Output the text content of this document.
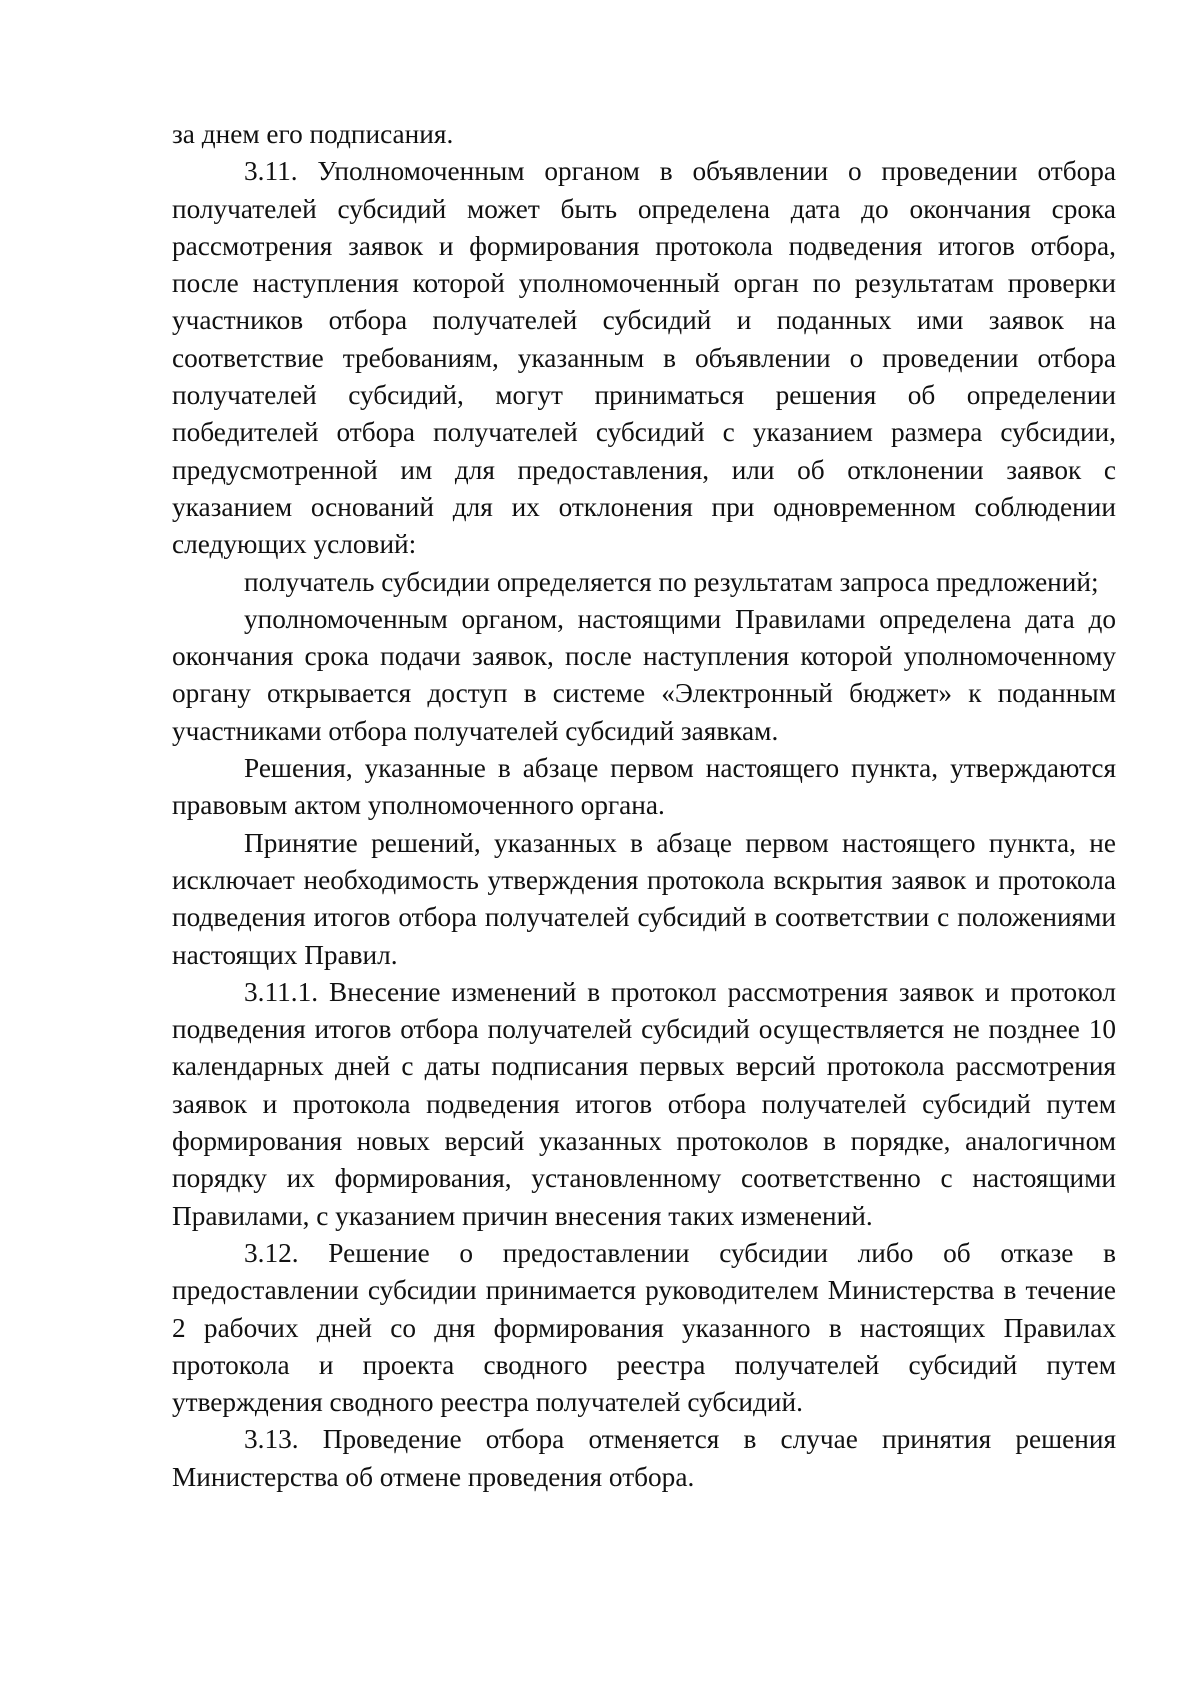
за днем его подписания.

3.11. Уполномоченным органом в объявлении о проведении отбора получателей субсидий может быть определена дата до окончания срока рассмотрения заявок и формирования протокола подведения итогов отбора, после наступления которой уполномоченный орган по результатам проверки участников отбора получателей субсидий и поданных ими заявок на соответствие требованиям, указанным в объявлении о проведении отбора получателей субсидий, могут приниматься решения об определении победителей отбора получателей субсидий с указанием размера субсидии, предусмотренной им для предоставления, или об отклонении заявок с указанием оснований для их отклонения при одновременном соблюдении следующих условий:

получатель субсидии определяется по результатам запроса предложений;

уполномоченным органом, настоящими Правилами определена дата до окончания срока подачи заявок, после наступления которой уполномоченному органу открывается доступ в системе «Электронный бюджет» к поданным участниками отбора получателей субсидий заявкам.

Решения, указанные в абзаце первом настоящего пункта, утверждаются правовым актом уполномоченного органа.

Принятие решений, указанных в абзаце первом настоящего пункта, не исключает необходимость утверждения протокола вскрытия заявок и протокола подведения итогов отбора получателей субсидий в соответствии с положениями настоящих Правил.

3.11.1. Внесение изменений в протокол рассмотрения заявок и протокол подведения итогов отбора получателей субсидий осуществляется не позднее 10 календарных дней с даты подписания первых версий протокола рассмотрения заявок и протокола подведения итогов отбора получателей субсидий путем формирования новых версий указанных протоколов в порядке, аналогичном порядку их формирования, установленному соответственно с настоящими Правилами, с указанием причин внесения таких изменений.

3.12. Решение о предоставлении субсидии либо об отказе в предоставлении субсидии принимается руководителем Министерства в течение 2 рабочих дней со дня формирования указанного в настоящих Правилах протокола и проекта сводного реестра получателей субсидий путем утверждения сводного реестра получателей субсидий.

3.13. Проведение отбора отменяется в случае принятия решения Министерства об отмене проведения отбора.
